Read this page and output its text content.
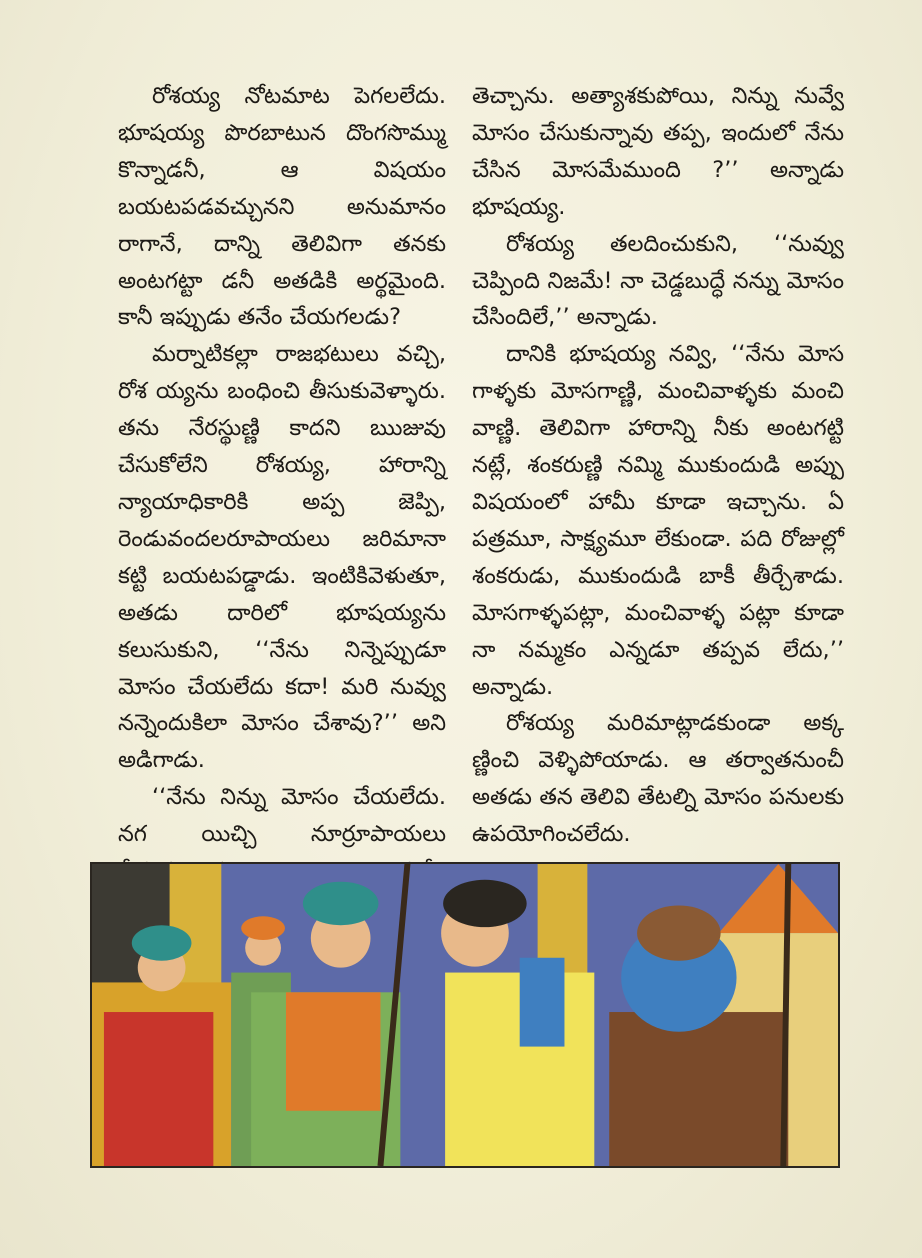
రోశయ్య నోటమాట పెగలలేదు. భూషయ్య పొరబాటున దొంగసొమ్ము కొన్నాడనీ, ఆ విషయం బయటపడవచ్చునని అనుమానం రాగానే, దాన్ని తెలివిగా తనకు అంటగట్టా డనీ అతడికి అర్థమైంది. కానీ ఇప్పుడు తనేం చేయగలడు?

మర్నాటికల్లా రాజభటులు వచ్చి, రోశ య్యను బంధించి తీసుకువెళ్ళారు. తను నేరస్థుణ్ణి కాదని ఋజువు చేసుకోలేని రోశయ్య, హారాన్ని న్యాయాధికారికి అప్ప జెప్పి, రెండువందలరూపాయలు జరిమానా కట్టి బయటపడ్డాడు. ఇంటికివెళుతూ, అతడు దారిలో భూషయ్యను కలుసుకుని, ‘‘నేను నిన్నెప్పుడూ మోసం చేయలేదు కదా! మరి నువ్వు నన్నెందుకిలా మోసం చేశావు?’’ అని అడిగాడు.

‘‘నేను నిన్ను మోసం చేయలేదు. నగ యిచ్చి నూర్రూపాయలు

తెచ్చాను. అత్యాశకుపోయి, నిన్ను నువ్వే మోసం చేసుకున్నావు తప్ప, ఇందులో నేను చేసిన మోసమేముంది ?’’ అన్నాడు భూషయ్య.

రోశయ్య తలదించుకుని, ‘‘నువ్వు చెప్పింది నిజమే! నా చెడ్డబుద్ధే నన్ను మోసం చేసిందిలే,’’ అన్నాడు.

దానికి భూషయ్య నవ్వి, ‘‘నేను మోస గాళ్ళకు మోసగాణ్ణి, మంచివాళ్ళకు మంచి వాణ్ణి. తెలివిగా హారాన్ని నీకు అంటగట్టి నట్లే, శంకరుణ్ణి నమ్మి ముకుందుడి అప్పు విషయంలో హామీ కూడా ఇచ్చాను. ఏ పత్రమూ, సాక్ష్యమూ లేకుండా. పది రోజుల్లో శంకరుడు, ముకుందుడి బాకీ తీర్చేశాడు. మోసగాళ్ళపట్లా, మంచివాళ్ళ పట్లా కూడా నా నమ్మకం ఎన్నడూ తప్పవ లేదు,’’ అన్నాడు.

రోశయ్య మరిమాట్లాడకుండా అక్క ణ్ణించి వెళ్ళిపోయాడు. ఆ తర్వాతనుంచీ అతడు తన తెలివి తేటల్ని మోసం పనులకు ఉపయోగించలేదు.
